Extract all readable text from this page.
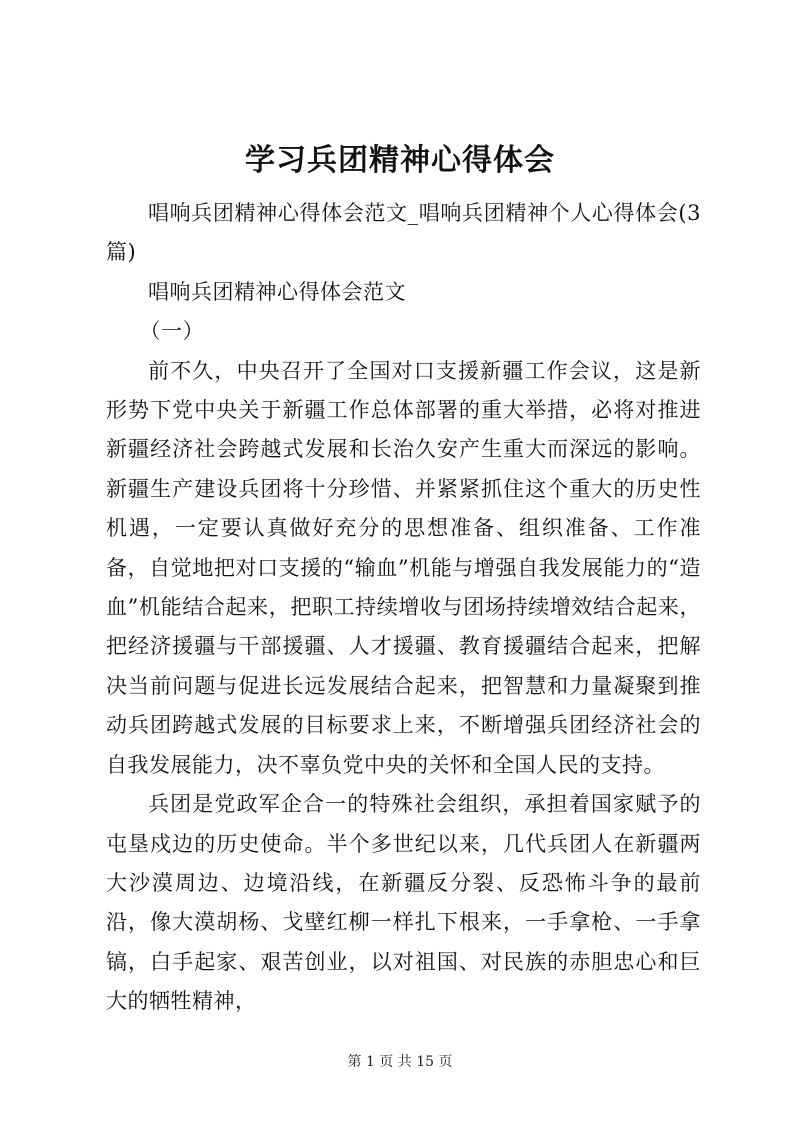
学习兵团精神心得体会

唱响兵团精神心得体会范文_唱响兵团精神个人心得体会(3篇)

唱响兵团精神心得体会范文

（一）

前不久，中央召开了全国对口支援新疆工作会议，这是新形势下党中央关于新疆工作总体部署的重大举措，必将对推进新疆经济社会跨越式发展和长治久安产生重大而深远的影响。新疆生产建设兵团将十分珍惜、并紧紧抓住这个重大的历史性机遇，一定要认真做好充分的思想准备、组织准备、工作准备，自觉地把对口支援的“输血”机能与增强自我发展能力的“造血”机能结合起来，把职工持续增收与团场持续增效结合起来，把经济援疆与干部援疆、人才援疆、教育援疆结合起来，把解决当前问题与促进长远发展结合起来，把智慧和力量凝聚到推动兵团跨越式发展的目标要求上来，不断增强兵团经济社会的自我发展能力，决不辜负党中央的关怀和全国人民的支持。

兵团是党政军企合一的特殊社会组织，承担着国家赋予的屯垦戍边的历史使命。半个多世纪以来，几代兵团人在新疆两大沙漠周边、边境沿线，在新疆反分裂、反恐怖斗争的最前沿，像大漠胡杨、戈壁红柳一样扎下根来，一手拿枪、一手拿镐，白手起家、艰苦创业，以对祖国、对民族的赤胆忠心和巨大的牺牲精神，

第 1 页 共 15 页
